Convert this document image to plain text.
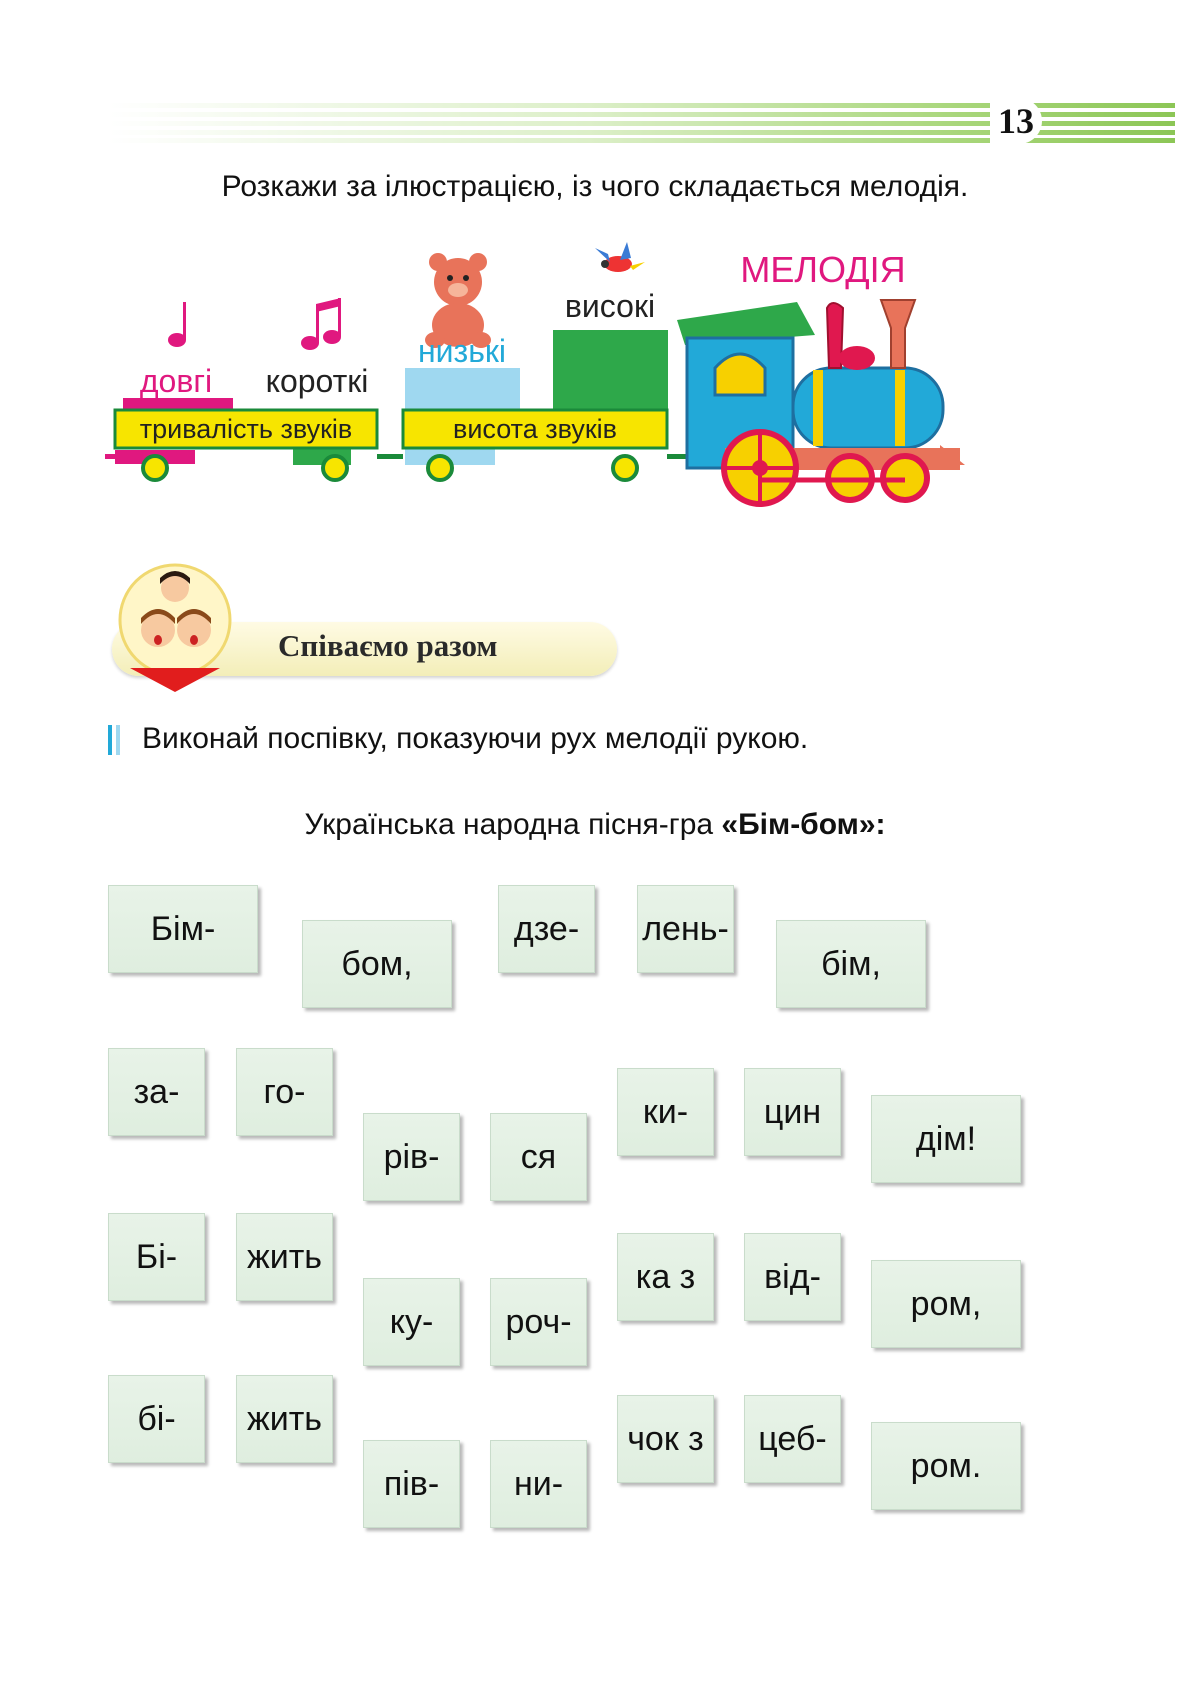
13
Розкажи за ілюстрацією, із чого складається мелодія.
МЕЛОДІЯ
високі
низькі
довгі короткі
тривалість звуків	висота звуків
Співаємо разом
Виконай поспівку, показуючи рух мелодії рукою.
Українська народна пісня-гра «Бім-бом»:
Бім-
бом,
дзе-	лень-
бім,
за-	го-
рів-	ся
ки-	цин
дім!
Бі-	жить
ку-	роч-
ка з	від-
ром,
бі-	жить
пів-	ни-
чок з	цеб-
ром.
